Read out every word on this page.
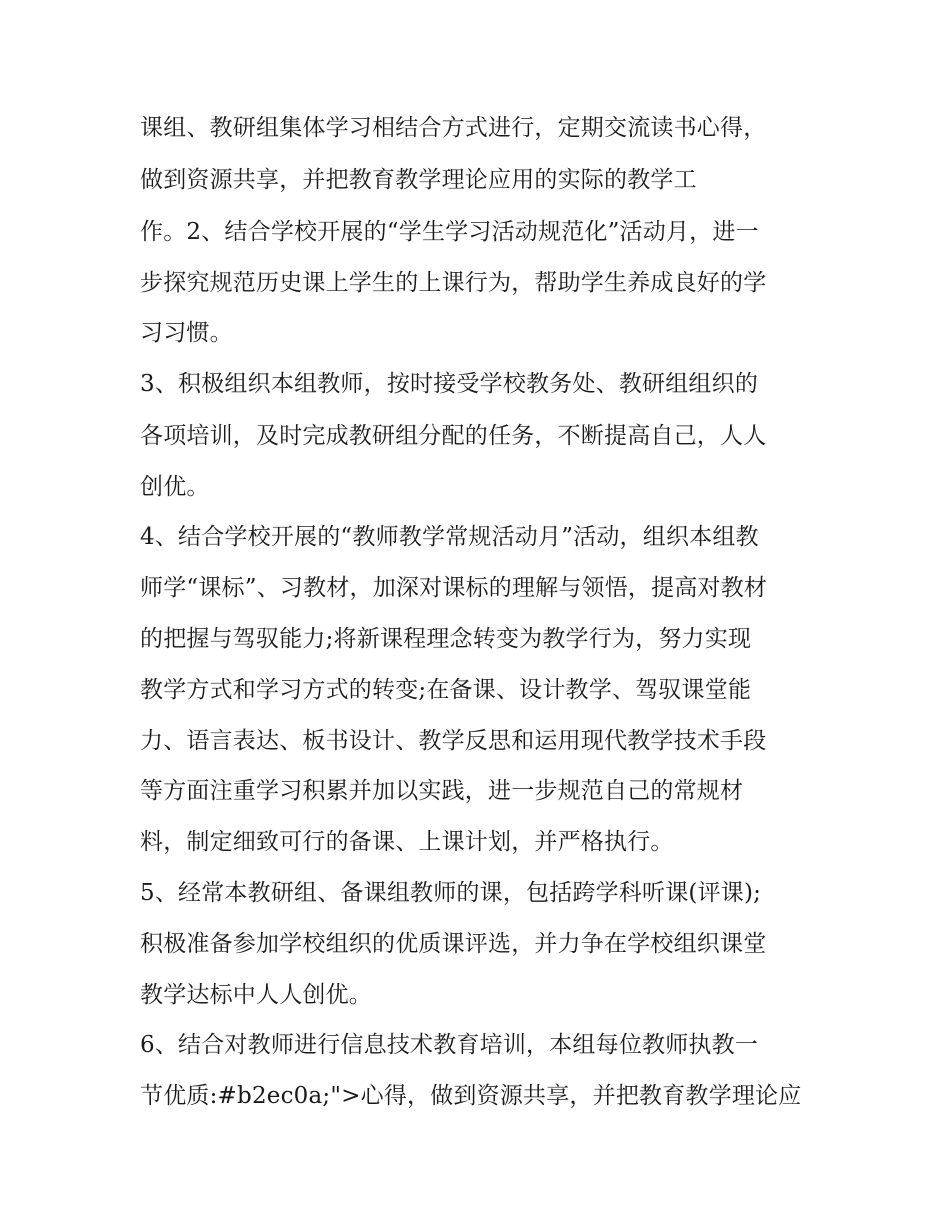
课组、教研组集体学习相结合方式进行，定期交流读书心得，
做到资源共享，并把教育教学理论应用的实际的教学工
作。2、结合学校开展的“学生学习活动规范化”活动月，进一
步探究规范历史课上学生的上课行为，帮助学生养成良好的学
习习惯。
3、积极组织本组教师，按时接受学校教务处、教研组组织的
各项培训，及时完成教研组分配的任务，不断提高自己，人人
创优。
4、结合学校开展的“教师教学常规活动月”活动，组织本组教
师学“课标”、习教材，加深对课标的理解与领悟，提高对教材
的把握与驾驭能力;将新课程理念转变为教学行为，努力实现
教学方式和学习方式的转变;在备课、设计教学、驾驭课堂能
力、语言表达、板书设计、教学反思和运用现代教学技术手段
等方面注重学习积累并加以实践，进一步规范自己的常规材
料，制定细致可行的备课、上课计划，并严格执行。
5、经常本教研组、备课组教师的课，包括跨学科听课(评课);
积极准备参加学校组织的优质课评选，并力争在学校组织课堂
教学达标中人人创优。
6、结合对教师进行信息技术教育培训，本组每位教师执教一
节优质:#b2ec0a;">心得，做到资源共享，并把教育教学理论应
